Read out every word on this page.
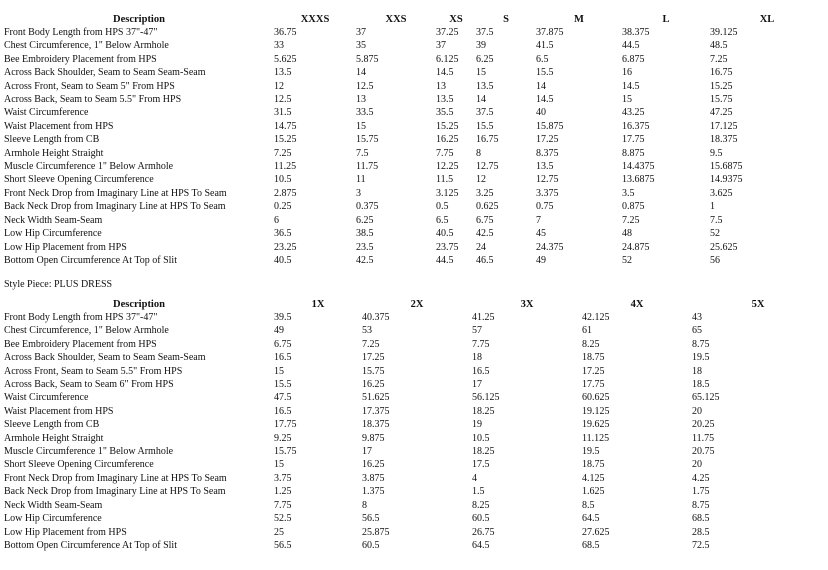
Description	XXXS	XXS	XS	S	M	L	XL
Front Body Length from HPS 37"-47"	36.75	37	37.25	37.5	37.875	38.375	39.125
Chest Circumference, 1" Below Armhole	33	35	37	39	41.5	44.5	48.5
Bee Embroidery Placement from HPS	5.625	5.875	6.125	6.25	6.5	6.875	7.25
Across Back Shoulder, Seam to Seam Seam-Seam	13.5	14	14.5	15	15.5	16	16.75
Across Front, Seam to Seam 5" From HPS	12	12.5	13	13.5	14	14.5	15.25
Across Back, Seam to Seam 5.5" From HPS	12.5	13	13.5	14	14.5	15	15.75
Waist Circumference	31.5	33.5	35.5	37.5	40	43.25	47.25
Waist Placement from HPS	14.75	15	15.25	15.5	15.875	16.375	17.125
Sleeve Length from CB	15.25	15.75	16.25	16.75	17.25	17.75	18.375
Armhole Height Straight	7.25	7.5	7.75	8	8.375	8.875	9.5
Muscle Circumference 1" Below Armhole	11.25	11.75	12.25	12.75	13.5	14.4375	15.6875
Short Sleeve Opening Circumference	10.5	11	11.5	12	12.75	13.6875	14.9375
Front Neck Drop from Imaginary Line at HPS To Seam	2.875	3	3.125	3.25	3.375	3.5	3.625
Back Neck Drop from Imaginary Line at HPS To Seam	0.25	0.375	0.5	0.625	0.75	0.875	1
Neck Width Seam-Seam	6	6.25	6.5	6.75	7	7.25	7.5
Low Hip Circumference	36.5	38.5	40.5	42.5	45	48	52
Low Hip Placement from HPS	23.25	23.5	23.75	24	24.375	24.875	25.625
Bottom Open Circumference At Top of Slit	40.5	42.5	44.5	46.5	49	52	56
Style Piece: PLUS DRESS
Description	1X	2X	3X	4X	5X
Front Body Length from HPS 37"-47"	39.5	40.375	41.25	42.125	43
Chest Circumference, 1" Below Armhole	49	53	57	61	65
Bee Embroidery Placement from HPS	6.75	7.25	7.75	8.25	8.75
Across Back Shoulder, Seam to Seam Seam-Seam	16.5	17.25	18	18.75	19.5
Across Front, Seam to Seam 5.5" From HPS	15	15.75	16.5	17.25	18
Across Back, Seam to Seam 6" From HPS	15.5	16.25	17	17.75	18.5
Waist Circumference	47.5	51.625	56.125	60.625	65.125
Waist Placement from HPS	16.5	17.375	18.25	19.125	20
Sleeve Length from CB	17.75	18.375	19	19.625	20.25
Armhole Height Straight	9.25	9.875	10.5	11.125	11.75
Muscle Circumference 1" Below Armhole	15.75	17	18.25	19.5	20.75
Short Sleeve Opening Circumference	15	16.25	17.5	18.75	20
Front Neck Drop from Imaginary Line at HPS To Seam	3.75	3.875	4	4.125	4.25
Back Neck Drop from Imaginary Line at HPS To Seam	1.25	1.375	1.5	1.625	1.75
Neck Width Seam-Seam	7.75	8	8.25	8.5	8.75
Low Hip Circumference	52.5	56.5	60.5	64.5	68.5
Low Hip Placement from HPS	25	25.875	26.75	27.625	28.5
Bottom Open Circumference At Top of Slit	56.5	60.5	64.5	68.5	72.5
